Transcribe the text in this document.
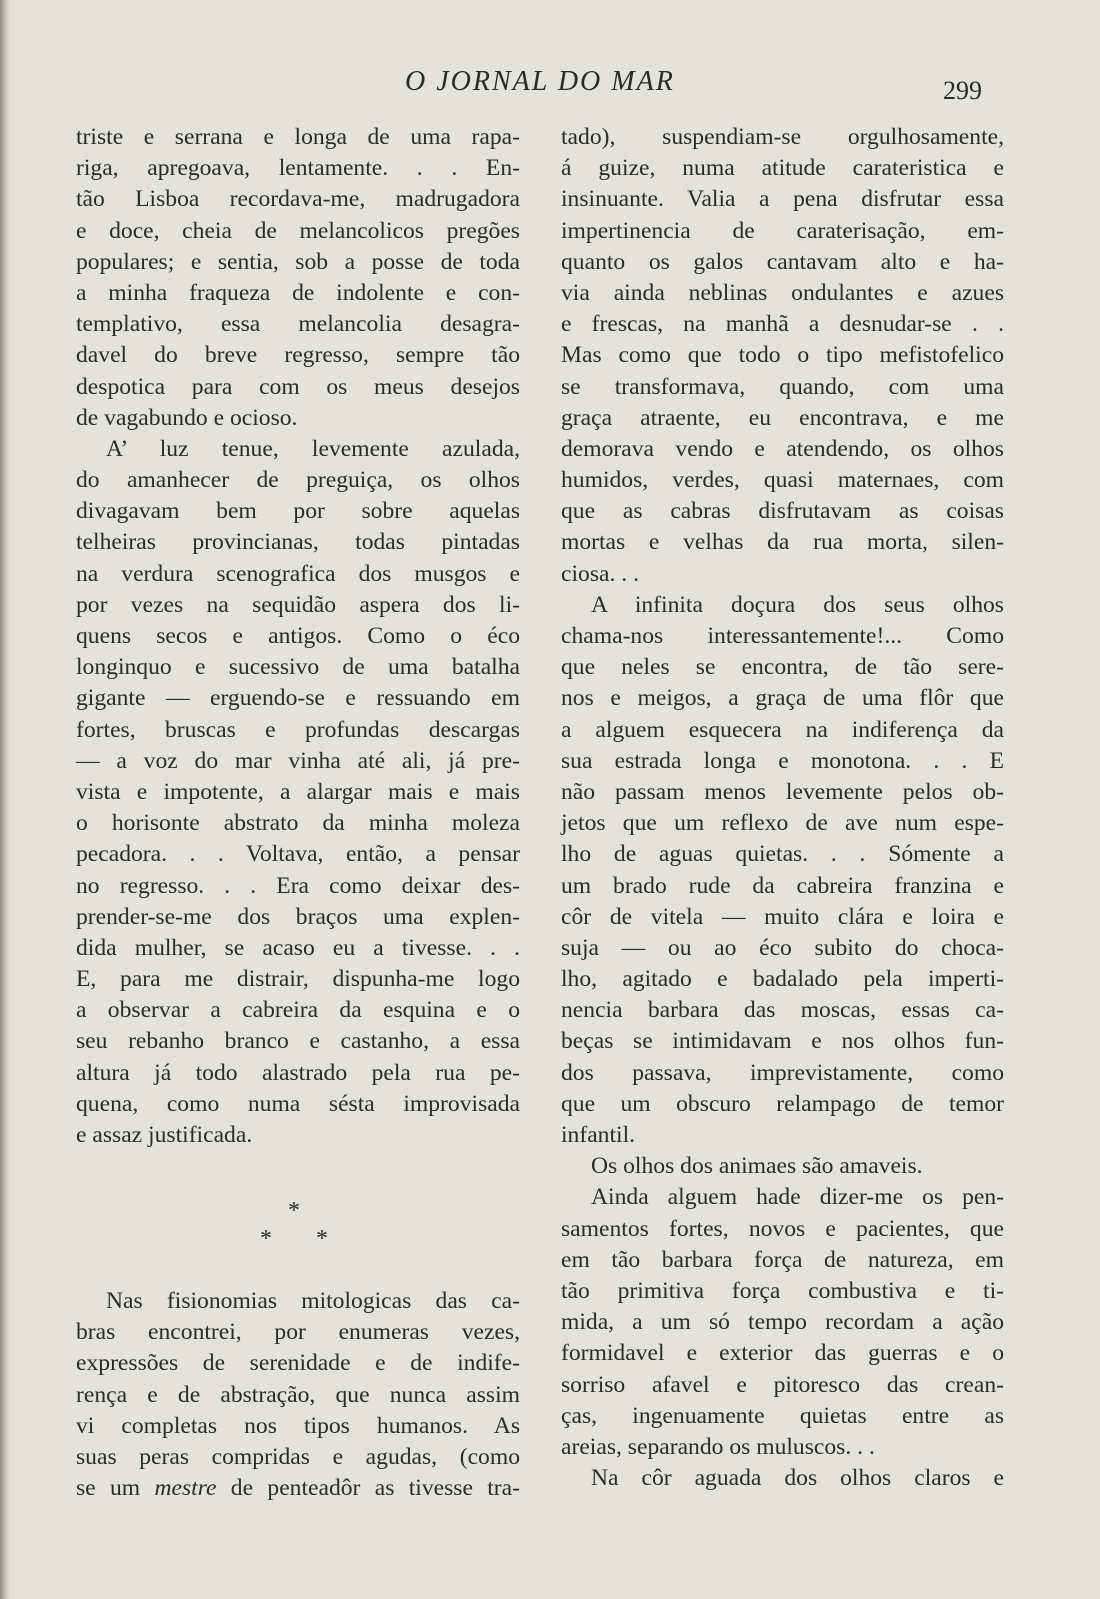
O JORNAL DO MAR	299
triste e serrana e longa de uma rapa-
riga, apregoava, lentamente. . . En-
tão Lisboa recordava-me, madrugadora
e doce, cheia de melancolicos pregões
populares; e sentia, sob a posse de toda
a minha fraqueza de indolente e con-
templativo, essa melancolia desagra-
davel do breve regresso, sempre tão
despotica para com os meus desejos
de vagabundo e ocioso.
A’ luz tenue, levemente azulada,
do amanhecer de preguiça, os olhos
divagavam bem por sobre aquelas
telheiras provincianas, todas pintadas
na verdura scenografica dos musgos e
por vezes na sequidão aspera dos li-
quens secos e antigos. Como o éco
longinquo e sucessivo de uma batalha
gigante — erguendo-se e ressuando em
fortes, bruscas e profundas descargas
— a voz do mar vinha até ali, já pre-
vista e impotente, a alargar mais e mais
o horisonte abstrato da minha moleza
pecadora. . . Voltava, então, a pensar
no regresso. . . Era como deixar des-
prender-se-me dos braços uma explen-
dida mulher, se acaso eu a tivesse. . .
E, para me distrair, dispunha-me logo
a observar a cabreira da esquina e o
seu rebanho branco e castanho, a essa
altura já todo alastrado pela rua pe-
quena, como numa sésta improvisada
e assaz justificada.
*
* *
Nas fisionomias mitologicas das ca-
bras encontrei, por enumeras vezes,
expressões de serenidade e de indife-
rença e de abstração, que nunca assim
vi completas nos tipos humanos. As
suas peras compridas e agudas, (como
se um mestre de penteadôr as tivesse tra-
tado), suspendiam-se orgulhosamente,
á guize, numa atitude carateristica e
insinuante. Valia a pena disfrutar essa
impertinencia de caraterisação, em-
quanto os galos cantavam alto e ha-
via ainda neblinas ondulantes e azues
e frescas, na manhã a desnudar-se . .
Mas como que todo o tipo mefistofelico
se transformava, quando, com uma
graça atraente, eu encontrava, e me
demorava vendo e atendendo, os olhos
humidos, verdes, quasi maternaes, com
que as cabras disfrutavam as coisas
mortas e velhas da rua morta, silen-
ciosa. . .
A infinita doçura dos seus olhos
chama-nos interessantemente!... Como
que neles se encontra, de tão sere-
nos e meigos, a graça de uma flôr que
a alguem esquecera na indiferença da
sua estrada longa e monotona. . . E
não passam menos levemente pelos ob-
jetos que um reflexo de ave num espe-
lho de aguas quietas. . . Sómente a
um brado rude da cabreira franzina e
côr de vitela — muito clára e loira e
suja — ou ao éco subito do choca-
lho, agitado e badalado pela imperti-
nencia barbara das moscas, essas ca-
beças se intimidavam e nos olhos fun-
dos passava, imprevistamente, como
que um obscuro relampago de temor
infantil.
Os olhos dos animaes são amaveis.
Ainda alguem hade dizer-me os pen-
samentos fortes, novos e pacientes, que
em tão barbara força de natureza, em
tão primitiva força combustiva e ti-
mida, a um só tempo recordam a ação
formidavel e exterior das guerras e o
sorriso afavel e pitoresco das crean-
ças, ingenuamente quietas entre as
areias, separando os muluscos. . .
Na côr aguada dos olhos claros e
